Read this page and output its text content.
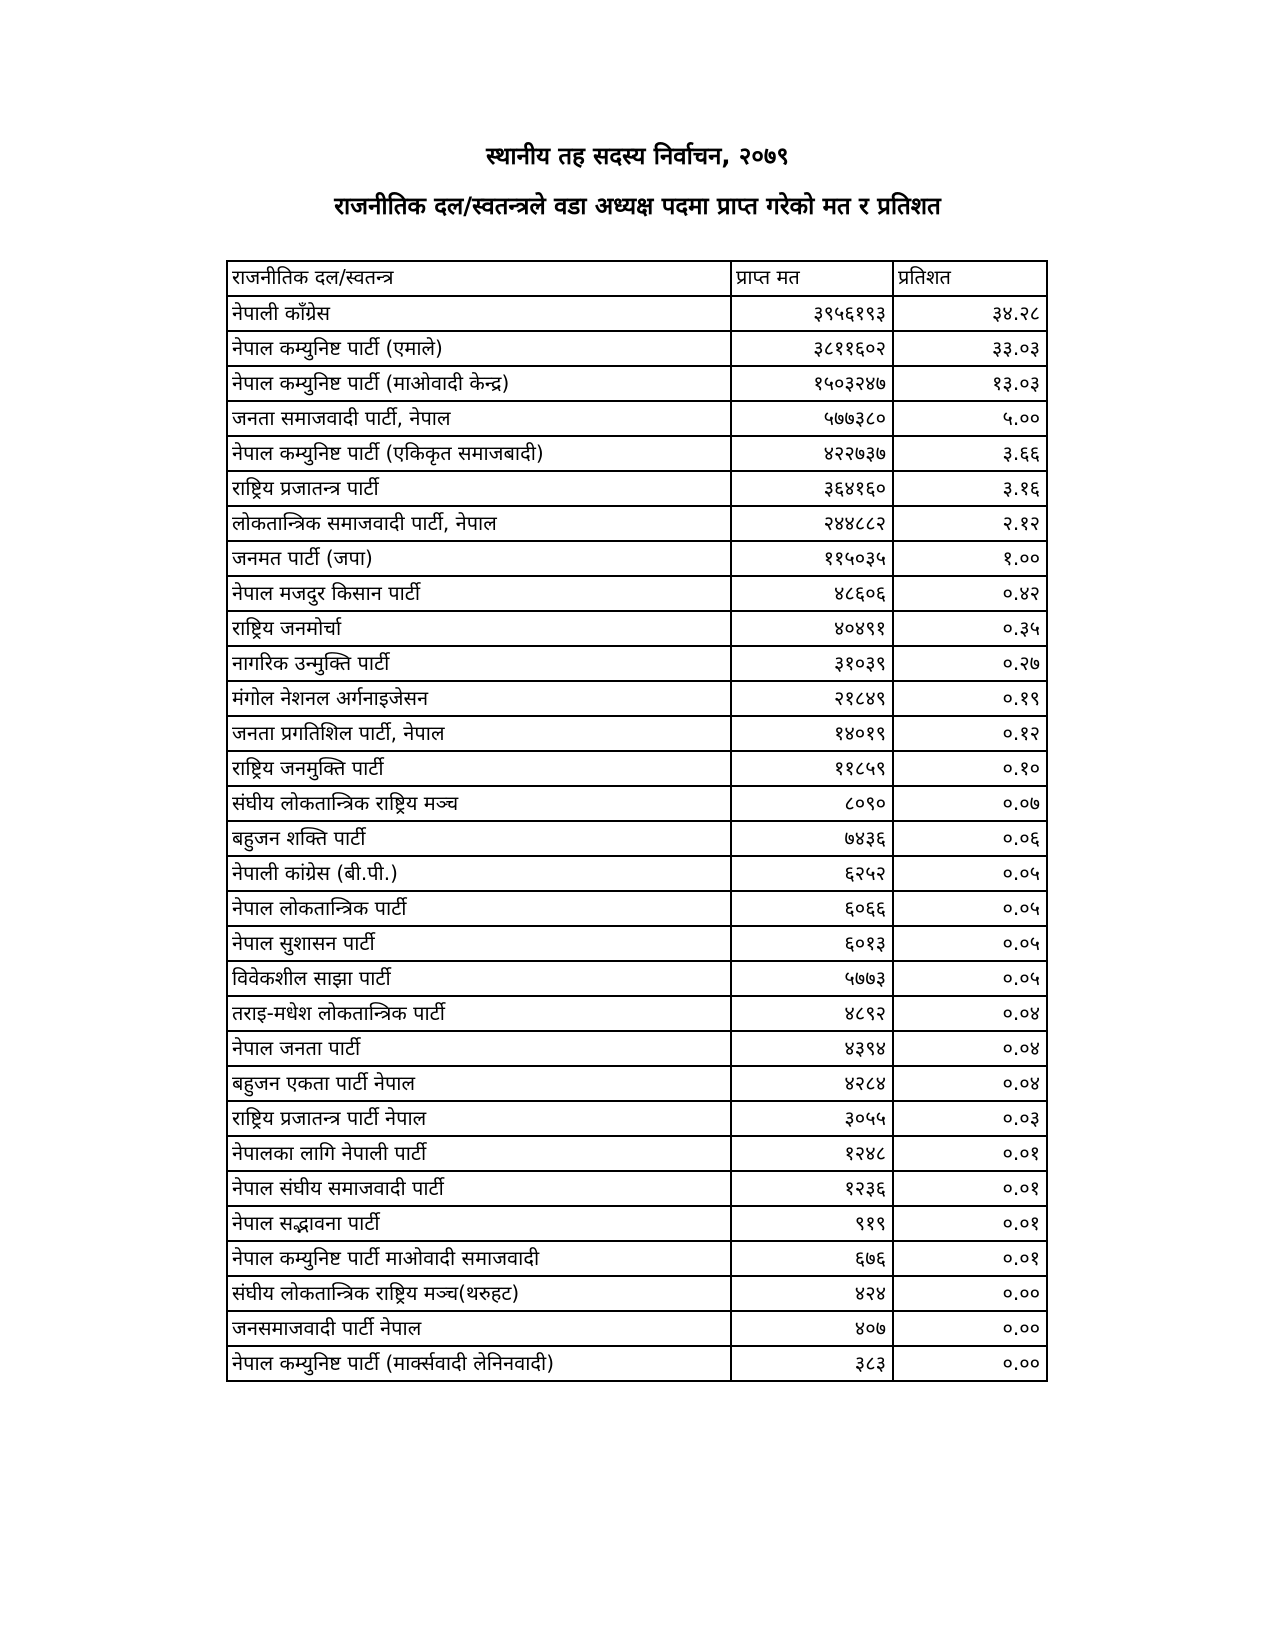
स्थानीय तह सदस्य निर्वाचन, २०७९
राजनीतिक दल/स्वतन्त्रले वडा अध्यक्ष पदमा प्राप्त गरेको मत र प्रतिशत
राजनीतिक दल/स्वतन्त्र	प्राप्त मत	प्रतिशत
नेपाली काँग्रेस	३९५६१९३	३४.२८
नेपाल कम्युनिष्ट पार्टी (एमाले)	३८११६०२	३३.०३
नेपाल कम्युनिष्ट पार्टी (माओवादी केन्द्र)	१५०३२४७	१३.०३
जनता समाजवादी पार्टी, नेपाल	५७७३८०	५.००
नेपाल कम्युनिष्ट पार्टी (एकिकृत समाजबादी)	४२२७३७	३.६६
राष्ट्रिय प्रजातन्त्र पार्टी	३६४१६०	३.१६
लोकतान्त्रिक समाजवादी पार्टी, नेपाल	२४४८८२	२.१२
जनमत पार्टी (जपा)	११५०३५	१.००
नेपाल मजदुर किसान पार्टी	४८६०६	०.४२
राष्ट्रिय जनमोर्चा	४०४९१	०.३५
नागरिक उन्मुक्ति पार्टी	३१०३९	०.२७
मंगोल नेशनल अर्गनाइजेसन	२१८४९	०.१९
जनता प्रगतिशिल पार्टी, नेपाल	१४०१९	०.१२
राष्ट्रिय जनमुक्ति पार्टी	११८५९	०.१०
संघीय लोकतान्त्रिक राष्ट्रिय मञ्च	८०९०	०.०७
बहुजन शक्ति पार्टी	७४३६	०.०६
नेपाली कांग्रेस (बी.पी.)	६२५२	०.०५
नेपाल लोकतान्त्रिक पार्टी	६०६६	०.०५
नेपाल सुशासन पार्टी	६०१३	०.०५
विवेकशील साझा पार्टी	५७७३	०.०५
तराइ-मधेश लोकतान्त्रिक पार्टी	४८९२	०.०४
नेपाल जनता पार्टी	४३९४	०.०४
बहुजन एकता पार्टी नेपाल	४२८४	०.०४
राष्ट्रिय प्रजातन्त्र पार्टी नेपाल	३०५५	०.०३
नेपालका लागि नेपाली पार्टी	१२४८	०.०१
नेपाल संघीय समाजवादी पार्टी	१२३६	०.०१
नेपाल सद्भावना पार्टी	९१९	०.०१
नेपाल कम्युनिष्ट पार्टी माओवादी समाजवादी	६७६	०.०१
संघीय लोकतान्त्रिक राष्ट्रिय मञ्च(थरुहट)	४२४	०.००
जनसमाजवादी पार्टी नेपाल	४०७	०.००
नेपाल कम्युनिष्ट पार्टी (मार्क्सवादी लेनिनवादी)	३८३	०.००
